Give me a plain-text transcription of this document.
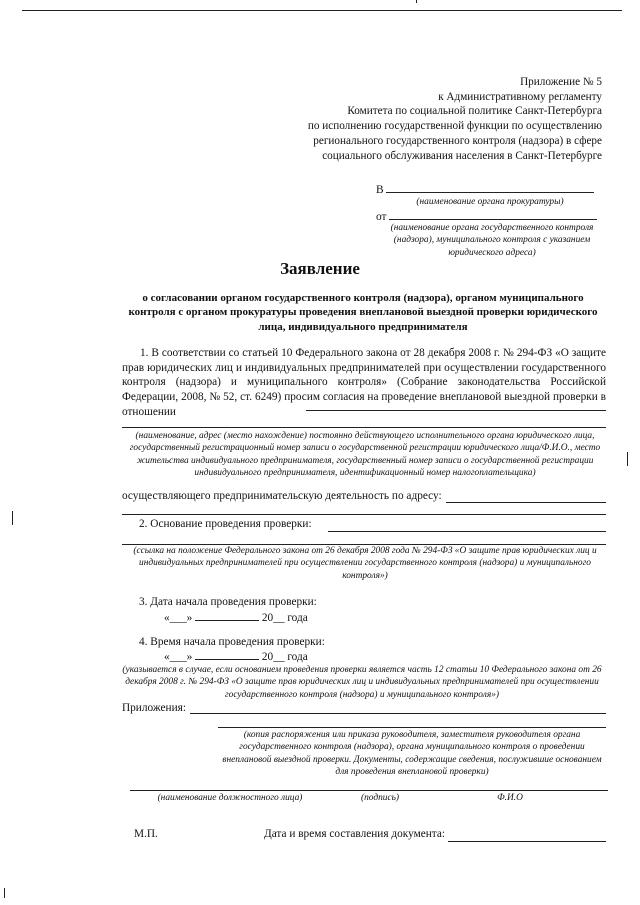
Приложение № 5
к Административному регламенту
Комитета по социальной политике Санкт-Петербурга
по исполнению государственной функции по осуществлению
регионального государственного контроля (надзора) в сфере
социального обслуживания населения в Санкт-Петербурге
В
(наименование органа прокуратуры)
от
(наименование органа государственного контроля (надзора), муниципального контроля с указанием юридического адреса)
Заявление
о согласовании органом государственного контроля (надзора), органом муниципального контроля с органом прокуратуры проведения внеплановой выездной проверки юридического лица, индивидуального предпринимателя
1. В соответствии со статьей 10 Федерального закона от 28 декабря 2008 г. № 294-ФЗ «О защите прав юридических лиц и индивидуальных предпринимателей при осуществлении государственного контроля (надзора) и муниципального контроля» (Собрание законодательства Российской Федерации, 2008, № 52, ст. 6249) просим согласия на проведение внеплановой выездной проверки в отношении
(наименование, адрес (место нахождение) постоянно действующего исполнительного органа юридического лица, государственный регистрационный номер записи о государственной регистрации юридического лица/Ф.И.О., место жительства индивидуального предпринимателя, государственный номер записи о государственной регистрации индивидуального предпринимателя, идентификационный номер налогоплательщика)
осуществляющего предпринимательскую деятельность по адресу:
2. Основание проведения проверки:
(ссылка на положение Федерального закона от 26 декабря 2008 года № 294-ФЗ «О защите прав юридических лиц и индивидуальных предпринимателей при осуществлении государственного контроля (надзора) и муниципального контроля»)
3. Дата начала проведения проверки:
«___»	20__ года
4. Время начала проведения проверки:
«___»	20__ года
(указывается в случае, если основанием проведения проверки является часть 12 статьи 10 Федерального закона от 26 декабря 2008 г. № 294-ФЗ «О защите прав юридических лиц и индивидуальных предпринимателей при осуществлении государственного контроля (надзора) и муниципального контроля»)
Приложения:
(копия распоряжения или приказа руководителя, заместителя руководителя органа государственного контроля (надзора), органа муниципального контроля о проведении внеплановой выездной проверки. Документы, содержащие сведения, послужившие основанием для проведения внеплановой проверки)
(наименование должностного лица)	(подпись)	Ф.И.О
М.П.	Дата и время составления документа:
